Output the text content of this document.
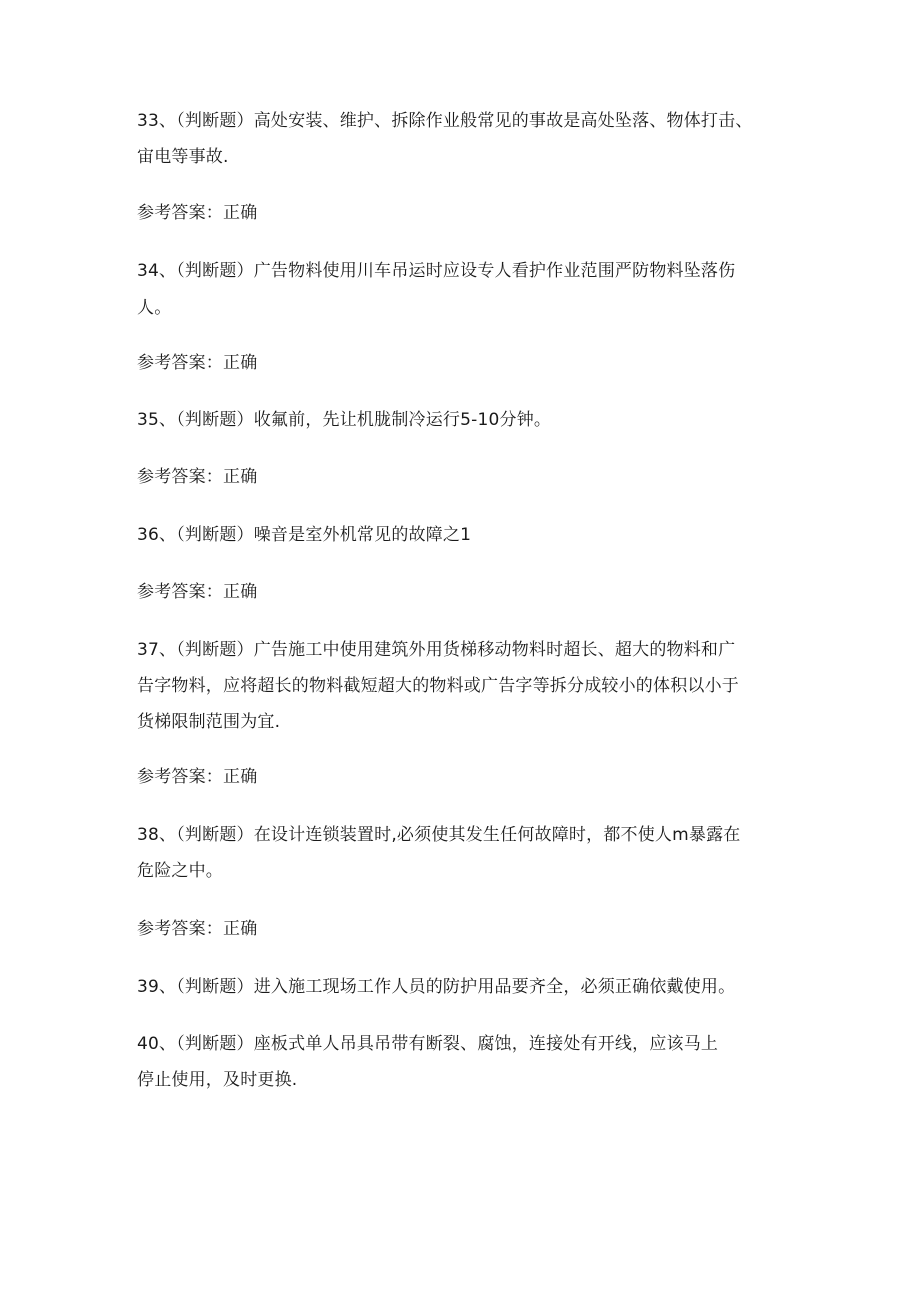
33、（判断题）高处安装、维护、拆除作业般常见的事故是高处坠落、物体打击、
宙电等事故.
参考答案：正确
34、（判断题）广告物料使用川车吊运时应设专人看护作业范围严防物料坠落伤
人。
参考答案：正确
35、（判断题）收氟前，先让机胧制冷运行5-10分钟。
参考答案：正确
36、（判断题）噪音是室外机常见的故障之1
参考答案：正确
37、（判断题）广告施工中使用建筑外用货梯移动物料时超长、超大的物料和广
告字物料，应将超长的物料截短超大的物料或广告字等拆分成较小的体积以小于
货梯限制范围为宜.
参考答案：正确
38、（判断题）在设计连锁装置时,必须使其发生任何故障时，都不使人m暴露在
危险之中。
参考答案：正确
39、（判断题）进入施工现场工作人员的防护用品要齐全，必须正确依戴使用。
40、（判断题）座板式单人吊具吊带有断裂、腐蚀，连接处有开线，应该马上
停止使用，及时更换.
